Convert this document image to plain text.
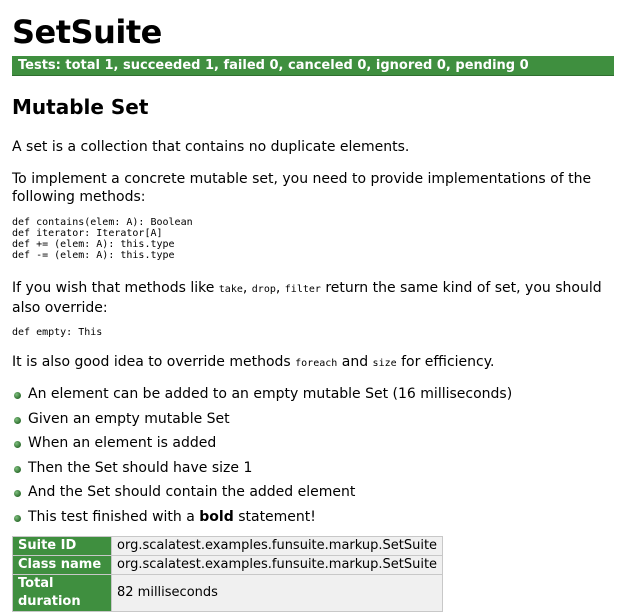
SetSuite
Tests: total 1, succeeded 1, failed 0, canceled 0, ignored 0, pending 0
Mutable Set

A set is a collection that contains no duplicate elements.

To implement a concrete mutable set, you need to provide implementations of the following methods:

def contains(elem: A): Boolean
def iterator: Iterator[A]
def += (elem: A): this.type
def -= (elem: A): this.type

If you wish that methods like take, drop, filter return the same kind of set, you should also override:

def empty: This

It is also good idea to override methods foreach and size for efficiency.

An element can be added to an empty mutable Set (16 milliseconds)
Given an empty mutable Set
When an element is added
Then the Set should have size 1
And the Set should contain the added element
This test finished with a bold statement!
Suite ID	org.scalatest.examples.funsuite.markup.SetSuite
Class name	org.scalatest.examples.funsuite.markup.SetSuite
Total duration	82 milliseconds
